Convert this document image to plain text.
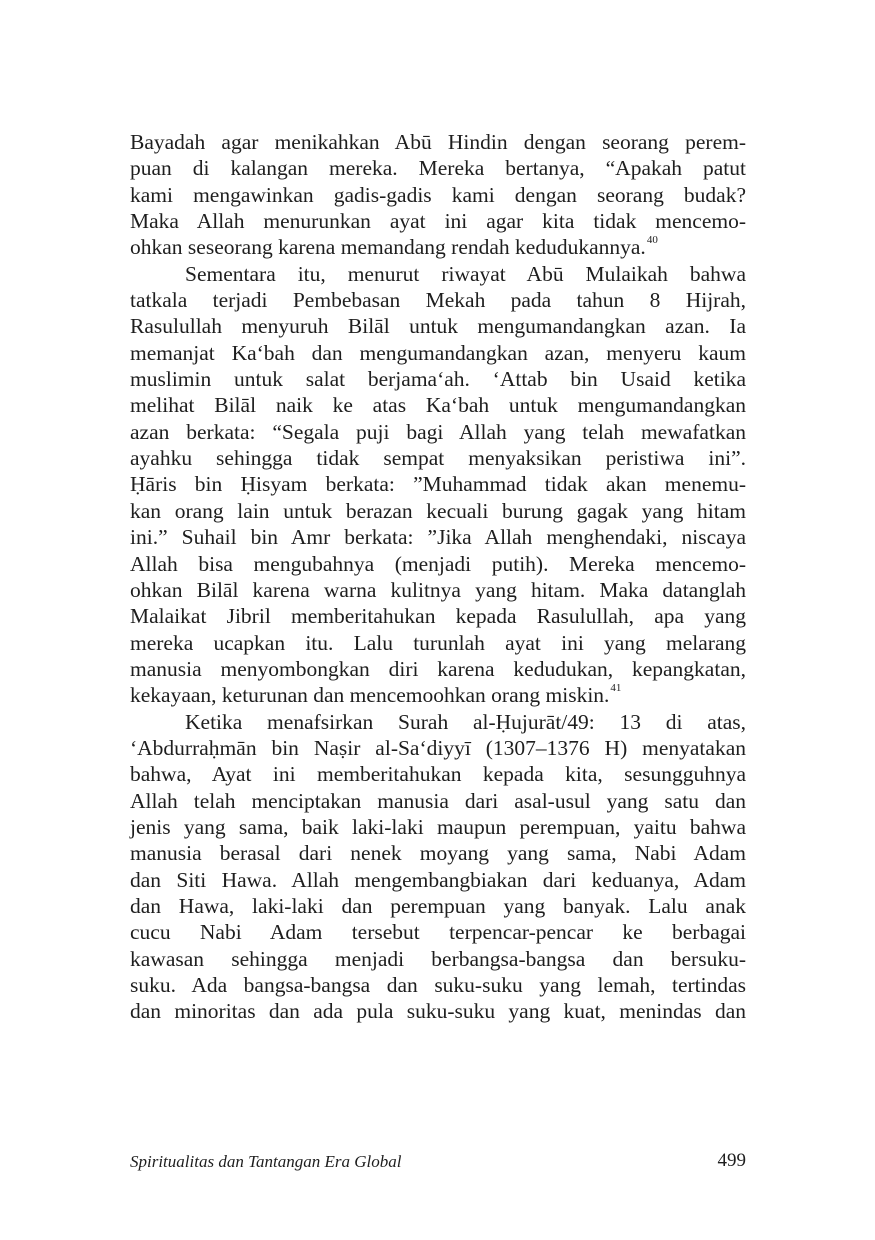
Bayadah agar menikahkan Abū Hindin dengan seorang perem-
puan di kalangan mereka. Mereka bertanya, “Apakah patut
kami mengawinkan gadis-gadis kami dengan seorang budak?
Maka Allah menurunkan ayat ini agar kita tidak mencemo-
ohkan seseorang karena memandang rendah kedudukannya.$^{40}$
Sementara itu, menurut riwayat Abū Mulaikah bahwa
tatkala terjadi Pembebasan Mekah pada tahun 8 Hijrah,
Rasulullah menyuruh Bilāl untuk mengumandangkan azan. Ia
memanjat Ka‘bah dan mengumandangkan azan, menyeru kaum
muslimin untuk salat berjama‘ah. ‘Attab bin Usaid ketika
melihat Bilāl naik ke atas Ka‘bah untuk mengumandangkan
azan berkata: “Segala puji bagi Allah yang telah mewafatkan
ayahku sehingga tidak sempat menyaksikan peristiwa ini”.
Ḥāris bin Ḥisyam berkata: ”Muhammad tidak akan menemu-
kan orang lain untuk berazan kecuali burung gagak yang hitam
ini.” Suhail bin Amr berkata: ”Jika Allah menghendaki, niscaya
Allah bisa mengubahnya (menjadi putih). Mereka mencemo-
ohkan Bilāl karena warna kulitnya yang hitam. Maka datanglah
Malaikat Jibril memberitahukan kepada Rasulullah, apa yang
mereka ucapkan itu. Lalu turunlah ayat ini yang melarang
manusia menyombongkan diri karena kedudukan, kepangkatan,
kekayaan, keturunan dan mencemoohkan orang miskin.$^{41}$
Ketika menafsirkan Surah al-Ḥujurāt/49: 13 di atas,
‘Abdurraḥmān bin Naṣir al-Sa‘diyyī (1307–1376 H) menyatakan
bahwa, Ayat ini memberitahukan kepada kita, sesungguhnya
Allah telah menciptakan manusia dari asal-usul yang satu dan
jenis yang sama, baik laki-laki maupun perempuan, yaitu bahwa
manusia berasal dari nenek moyang yang sama, Nabi Adam
dan Siti Hawa. Allah mengembangbiakan dari keduanya, Adam
dan Hawa, laki-laki dan perempuan yang banyak. Lalu anak
cucu Nabi Adam tersebut terpencar-pencar ke berbagai
kawasan sehingga menjadi berbangsa-bangsa dan bersuku-
suku. Ada bangsa-bangsa dan suku-suku yang lemah, tertindas
dan minoritas dan ada pula suku-suku yang kuat, menindas dan
Spiritualitas dan Tantangan Era Global	499
